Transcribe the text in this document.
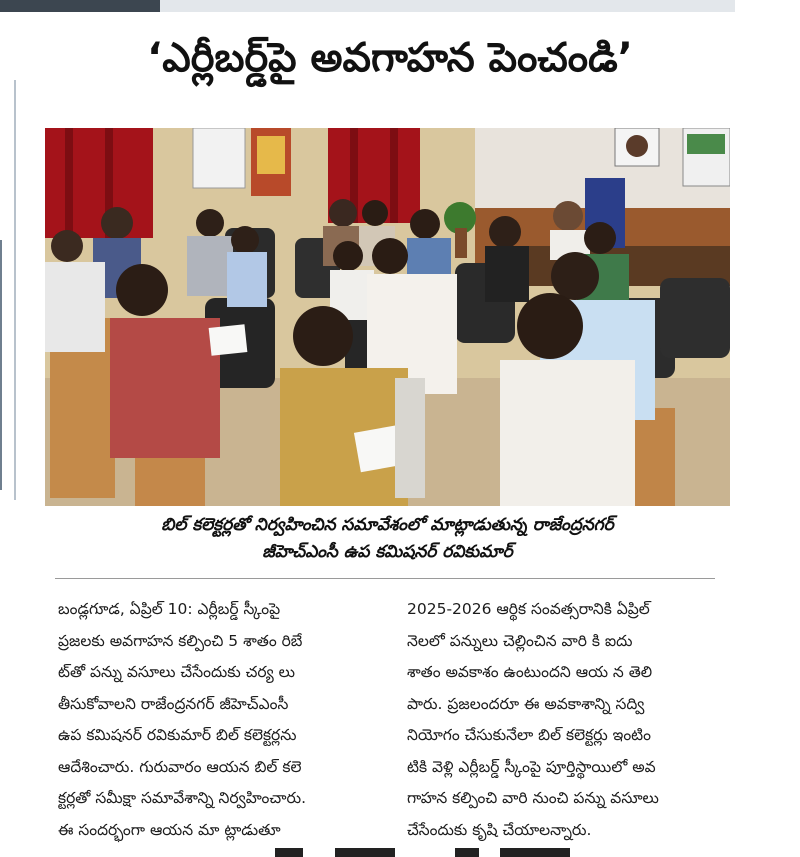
‘ఎర్లీబర్డ్‌పై అవగాహన పెంచండి’
బిల్ కలెక్టర్లతో నిర్వహించిన సమావేశంలో మాట్లాడుతున్న రాజేంద్రనగర్
జీహెచ్‌ఎంసీ ఉప కమిషనర్ రవికుమార్
బండ్లగూడ, ఏప్రిల్ 10: ఎర్లీబర్డ్ స్కీంపై
ప్రజలకు అవగాహన కల్పించి 5 శాతం రిబే
ట్‌తో పన్ను వసూలు చేసేందుకు చర్య లు
తీసుకోవాలని రాజేంద్రనగర్ జీహెచ్‌ఎంసీ
ఉప కమిషనర్ రవికుమార్ బిల్ కలెక్టర్లను
ఆదేశించారు. గురువారం ఆయన బిల్ కలె
క్టర్లతో సమీక్షా సమావేశాన్ని నిర్వహించారు.
ఈ సందర్భంగా ఆయన మా ట్లాడుతూ
2025-2026 ఆర్థిక సంవత్సరానికి ఏప్రిల్
నెలలో పన్నులు చెల్లించిన వారి కి ఐదు
శాతం అవకాశం ఉంటుందని ఆయ న తెలి
పారు. ప్రజలందరూ ఈ అవకాశాన్ని సద్వి
నియోగం చేసుకునేలా బిల్ కలెక్టర్లు ఇంటిం
టికి వెళ్లి ఎర్లీబర్డ్ స్కీంపై పూర్తిస్థాయిలో అవ
గాహన కల్పించి వారి నుంచి పన్ను వసూలు
చేసేందుకు కృషి చేయాలన్నారు.
